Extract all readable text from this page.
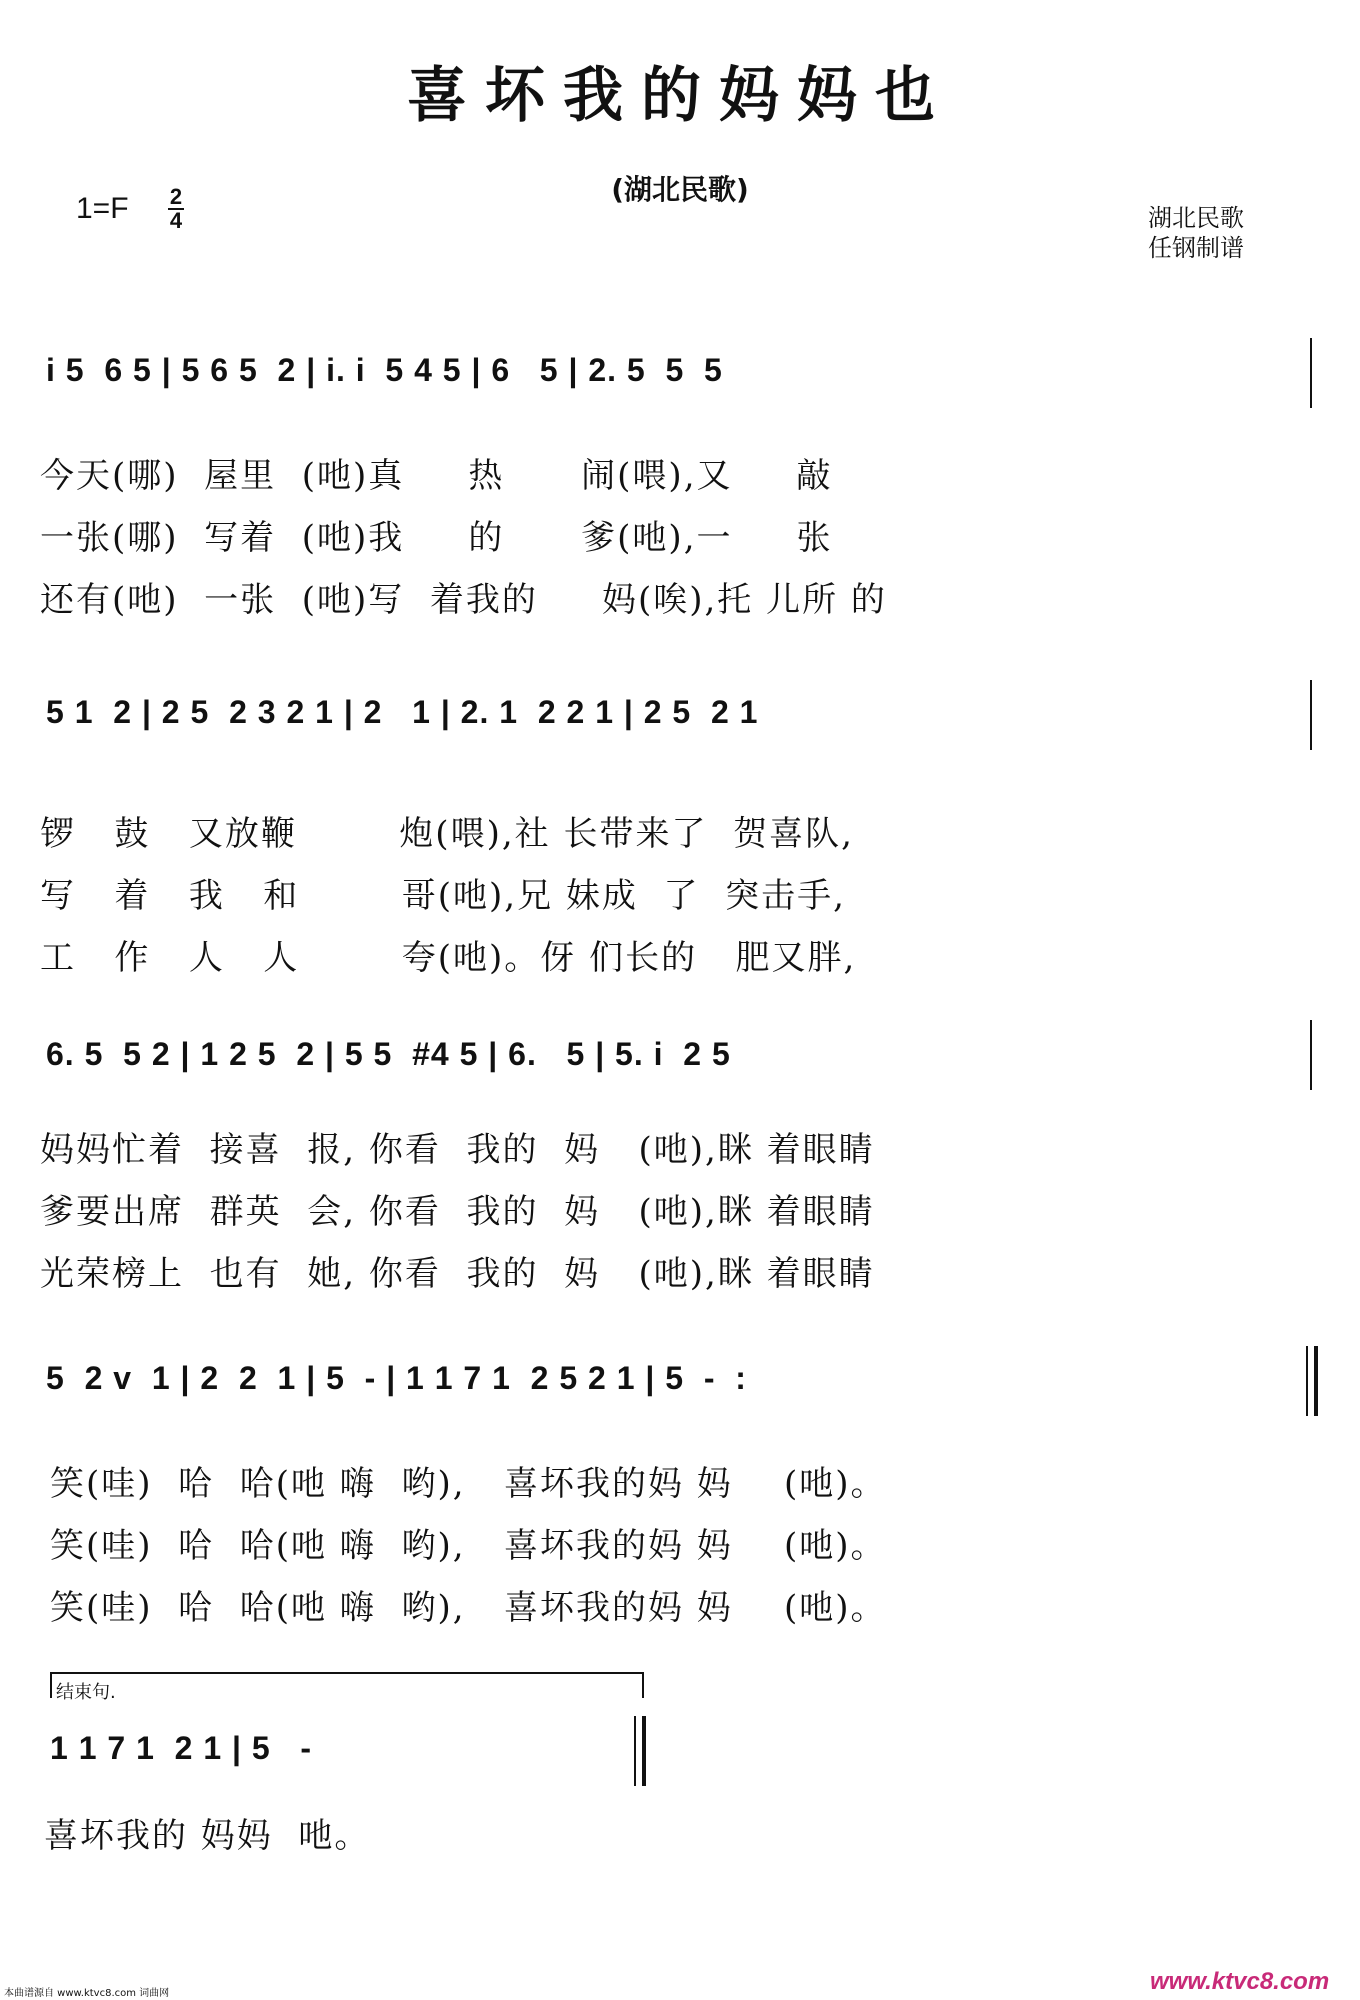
喜坏我的妈妈也
(湖北民歌)
1=F 2
4	湖北民歌
任钢制谱
i 5  6 5 | 5 6 5  2 | i. i  5 4 5 | 6   5 | 2. 5  5  5
今天(哪)  屋里  (吔)真     热      闹(喂),又     敲
一张(哪)  写着  (吔)我     的      爹(吔),一     张
还有(吔)  一张  (吔)写  着我的     妈(唉),托 儿所 的
5 1  2 | 2 5  2 3 2 1 | 2   1 | 2. 1  2 2 1 | 2 5  2 1
锣   鼓   又放鞭        炮(喂),社 长带来了  贺喜队,
写   着   我   和        哥(吔),兄 妹成  了  突击手,
工   作   人   人        夸(吔)。伢 们长的   肥又胖,
6. 5  5 2 | 1 2 5  2 | 5 5  #4 5 | 6.   5 | 5. i  2 5
妈妈忙着  接喜  报, 你看  我的  妈   (吔),眯 着眼睛
爹要出席  群英  会, 你看  我的  妈   (吔),眯 着眼睛
光荣榜上  也有  她, 你看  我的  妈   (吔),眯 着眼睛
5  2 v  1 | 2  2  1 | 5  - | 1 1 7 1  2 5 2 1 | 5  -  :
笑(哇)  哈  哈(吔 嗨  哟),   喜坏我的妈 妈    (吔)。
笑(哇)  哈  哈(吔 嗨  哟),   喜坏我的妈 妈    (吔)。
笑(哇)  哈  哈(吔 嗨  哟),   喜坏我的妈 妈    (吔)。
结束句.
1 1 7 1  2 1 | 5   -
喜坏我的 妈妈  吔。
本曲谱源自 www.ktvc8.com 词曲网	www.ktvc8.com
